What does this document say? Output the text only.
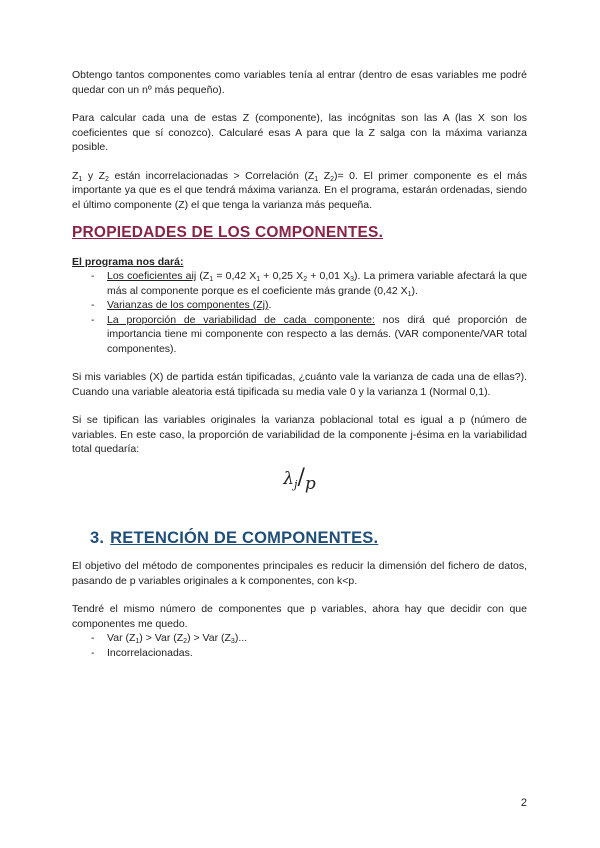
Obtengo tantos componentes como variables tenía al entrar (dentro de esas variables me podré quedar con un nº más pequeño).

Para calcular cada una de estas Z (componente), las incógnitas son las A (las X son los coeficientes que sí conozco). Calcularé esas A para que la Z salga con la máxima varianza posible.

$Z_1$ y $Z_2$ están incorrelacionadas > Correlación ($Z_1$ $Z_2)= 0$. El primer componente es el más importante ya que es el que tendrá máxima varianza. En el programa, estarán ordenadas, siendo el último componente (Z) el que tenga la varianza más pequeña.

PROPIEDADES DE LOS COMPONENTES.
El programa nos dará:
- Los coeficientes aij ($Z_1 = 0,42$ $X_1 + 0,25$ $X_2 + 0,01$ $X_3$). La primera variable afectará la que más al componente porque es el coeficiente más grande (0,42 $X_1$).
- Varianzas de los componentes (Zj).
- La proporción de variabilidad de cada componente: nos dirá qué proporción de importancia tiene mi componente con respecto a las demás. (VAR componente/VAR total componentes).

Si mis variables (X) de partida están tipificadas, ¿cuánto vale la varianza de cada una de ellas?). Cuando una variable aleatoria está tipificada su media vale 0 y la varianza 1 (Normal 0,1).

Si se tipifican las variables originales la varianza poblacional total es igual a p (número de variables. En este caso, la proporción de variabilidad de la componente j-ésima en la variabilidad total quedaría:

$\lambda_j/p$
3. RETENCIÓN DE COMPONENTES.

El objetivo del método de componentes principales es reducir la dimensión del fichero de datos, pasando de p variables originales a k componentes, con k<p.

Tendré el mismo número de componentes que p variables, ahora hay que decidir con que componentes me quedo.

- Var $(Z_1)$ > Var $(Z_2)$ > Var $(Z_3)$...
- Incorrelacionadas.
2
